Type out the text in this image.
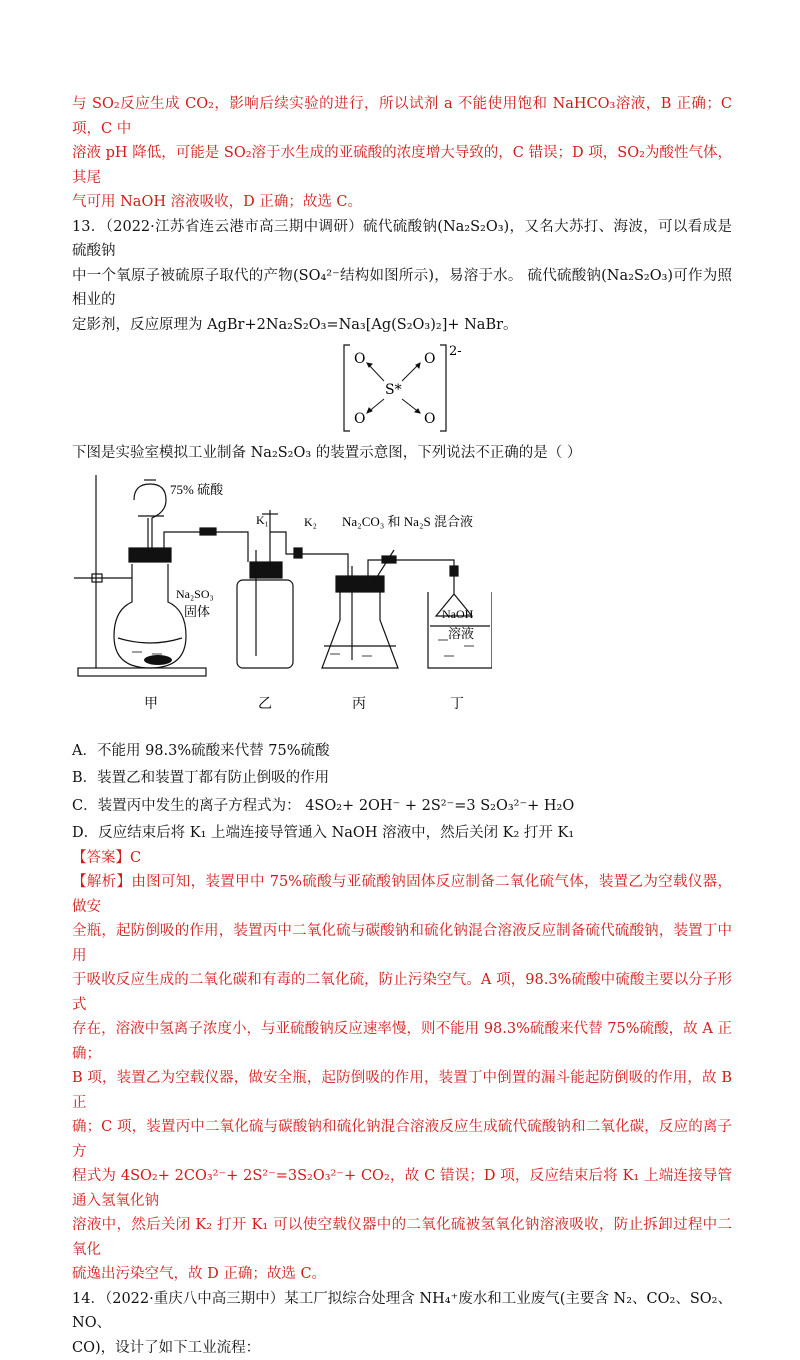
与 SO₂反应生成 CO₂，影响后续实验的进行，所以试剂 a 不能使用饱和 NaHCO₃溶液，B 正确；C 项，C 中

溶液 pH 降低，可能是 SO₂溶于水生成的亚硫酸的浓度增大导致的，C 错误；D 项，SO₂为酸性气体，其尾

气可用 NaOH 溶液吸收，D 正确；故选 C。

13．（2022·江苏省连云港市高三期中调研）硫代硫酸钠(Na₂S₂O₃)，又名大苏打、海波，可以看成是硫酸钠

中一个氧原子被硫原子取代的产物(SO₄²⁻结构如图所示)，易溶于水。 硫代硫酸钠(Na₂S₂O₃)可作为照相业的

定影剂，反应原理为 AgBr+2Na₂S₂O₃=Na₃[Ag(S₂O₃)₂]+ NaBr。

O	O
O	O
S*
2-

下图是实验室模拟工业制备 Na₂S₂O₃ 的装置示意图，下列说法不正确的是（ ）

75% 硫酸
K₁	K₂ Na₂CO₃ 和 Na₂S 混合液
Na₂SO₃
固体	NaOH
溶液
甲	乙	丙	丁

A．不能用 98.3%硫酸来代替 75%硫酸

B．装置乙和装置丁都有防止倒吸的作用

C．装置丙中发生的离子方程式为： 4SO₂+ 2OH⁻ + 2S²⁻=3 S₂O₃²⁻+ H₂O

D．反应结束后将 K₁ 上端连接导管通入 NaOH 溶液中，然后关闭 K₂ 打开 K₁

【答案】C

【解析】由图可知，装置甲中 75%硫酸与亚硫酸钠固体反应制备二氧化硫气体，装置乙为空载仪器，做安

全瓶，起防倒吸的作用，装置丙中二氧化硫与碳酸钠和硫化钠混合溶液反应制备硫代硫酸钠，装置丁中用

于吸收反应生成的二氧化碳和有毒的二氧化硫，防止污染空气。A 项，98.3%硫酸中硫酸主要以分子形式

存在，溶液中氢离子浓度小，与亚硫酸钠反应速率慢，则不能用 98.3%硫酸来代替 75%硫酸，故 A 正确；

B 项，装置乙为空载仪器，做安全瓶，起防倒吸的作用，装置丁中倒置的漏斗能起防倒吸的作用，故 B 正

确；C 项，装置丙中二氧化硫与碳酸钠和硫化钠混合溶液反应生成硫代硫酸钠和二氧化碳，反应的离子方

程式为 4SO₂+ 2CO₃²⁻+ 2S²⁻=3S₂O₃²⁻+ CO₂，故 C 错误；D 项，反应结束后将 K₁ 上端连接导管通入氢氧化钠

溶液中，然后关闭 K₂ 打开 K₁ 可以使空载仪器中的二氧化硫被氢氧化钠溶液吸收，防止拆卸过程中二氧化

硫逸出污染空气，故 D 正确；故选 C。

14．（2022·重庆八中高三期中）某工厂拟综合处理含 NH₄⁺废水和工业废气(主要含 N₂、CO₂、SO₂、NO、

CO)，设计了如下工业流程：
